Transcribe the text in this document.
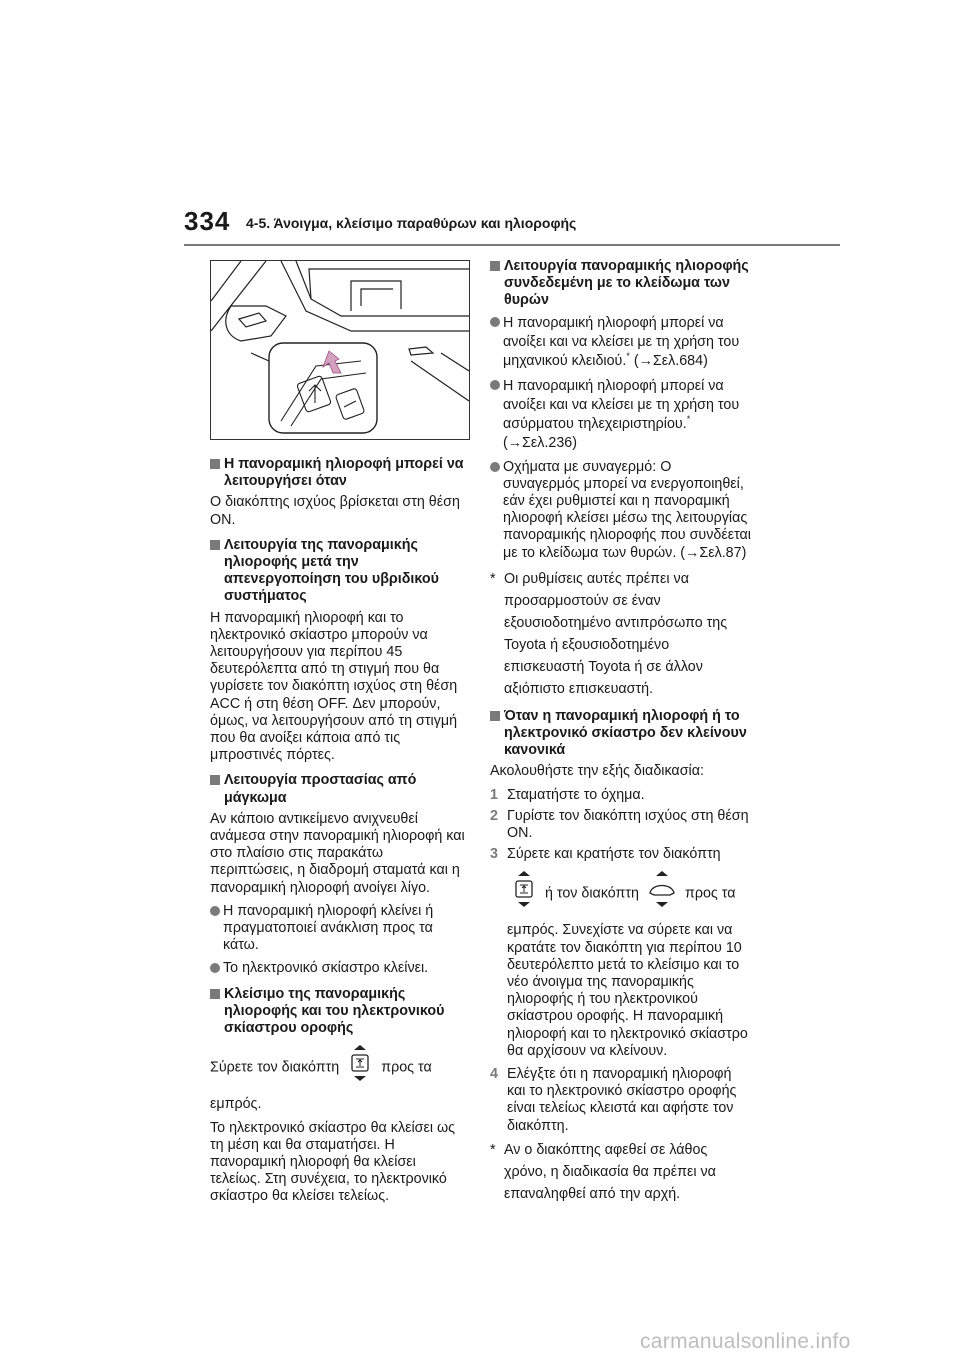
334 4-5. Άνοιγμα, κλείσιμο παραθύρων και ηλιοροφής
Η πανοραμική ηλιοροφή μπορεί να λειτουργήσει όταν

Ο διακόπτης ισχύος βρίσκεται στη θέση ON.

Λειτουργία της πανοραμικής ηλιοροφής μετά την απενεργοποίηση του υβριδικού συστήματος

Η πανοραμική ηλιοροφή και το ηλεκτρονικό σκίαστρο μπορούν να λειτουργήσουν για περίπου 45 δευτερόλεπτα από τη στιγμή που θα γυρίσετε τον διακόπτη ισχύος στη θέση ACC ή στη θέση OFF. Δεν μπορούν, όμως, να λειτουργήσουν από τη στιγμή που θα ανοίξει κάποια από τις μπροστινές πόρτες.

Λειτουργία προστασίας από μάγκωμα

Αν κάποιο αντικείμενο ανιχνευθεί ανάμεσα στην πανοραμική ηλιοροφή και στο πλαίσιο στις παρακάτω περιπτώσεις, η διαδρομή σταματά και η πανοραμική ηλιοροφή ανοίγει λίγο.

Η πανοραμική ηλιοροφή κλείνει ή πραγματοποιεί ανάκλιση προς τα κάτω.
Το ηλεκτρονικό σκίαστρο κλείνει.
Κλείσιμο της πανοραμικής ηλιοροφής και του ηλεκτρονικού σκίαστρου οροφής
Σύρετε τον διακόπτη	προς τα

εμπρός.

Το ηλεκτρονικό σκίαστρο θα κλείσει ως τη μέση και θα σταματήσει. Η πανοραμική ηλιοροφή θα κλείσει τελείως. Στη συνέχεια, το ηλεκτρονικό σκίαστρο θα κλείσει τελείως.

Λειτουργία πανοραμικής ηλιοροφής συνδεδεμένη με το κλείδωμα των θυρών
Η πανοραμική ηλιοροφή μπορεί να ανοίξει και να κλείσει με τη χρήση του μηχανικού κλειδιού.* (→Σελ.684)
Η πανοραμική ηλιοροφή μπορεί να ανοίξει και να κλείσει με τη χρήση του ασύρματου τηλεχειριστηρίου.*
(→Σελ.236)
Οχήματα με συναγερμό: Ο συναγερμός μπορεί να ενεργοποιηθεί, εάν έχει ρυθμιστεί και η πανοραμική ηλιοροφή κλείσει μέσω της λειτουργίας πανοραμικής ηλιοροφής που συνδέεται με το κλείδωμα των θυρών. (→Σελ.87)
* Οι ρυθμίσεις αυτές πρέπει να προσαρμοστούν σε έναν εξουσιοδοτημένο αντιπρόσωπο της Toyota ή εξουσιοδοτημένο επισκευαστή Toyota ή σε άλλον αξιόπιστο επισκευαστή.
Όταν η πανοραμική ηλιοροφή ή το ηλεκτρονικό σκίαστρο δεν κλείνουν κανονικά

Ακολουθήστε την εξής διαδικασία:

1 Σταματήστε το όχημα.
2 Γυρίστε τον διακόπτη ισχύος στη θέση ON.
3 Σύρετε και κρατήστε τον διακόπτη
ή τον διακόπτη	προς τα

εμπρός. Συνεχίστε να σύρετε και να κρατάτε τον διακόπτη για περίπου 10 δευτερόλεπτο μετά το κλείσιμο και το νέο άνοιγμα της πανοραμικής ηλιοροφής ή του ηλεκτρονικού σκίαστρου οροφής. Η πανοραμική ηλιοροφή και το ηλεκτρονικό σκίαστρο θα αρχίσουν να κλείνουν.

4 Ελέγξτε ότι η πανοραμική ηλιοροφή και το ηλεκτρονικό σκίαστρο οροφής είναι τελείως κλειστά και αφήστε τον διακόπτη.
* Αν ο διακόπτης αφεθεί σε λάθος χρόνο, η διαδικασία θα πρέπει να επαναληφθεί από την αρχή.
carmanualsonline.info
